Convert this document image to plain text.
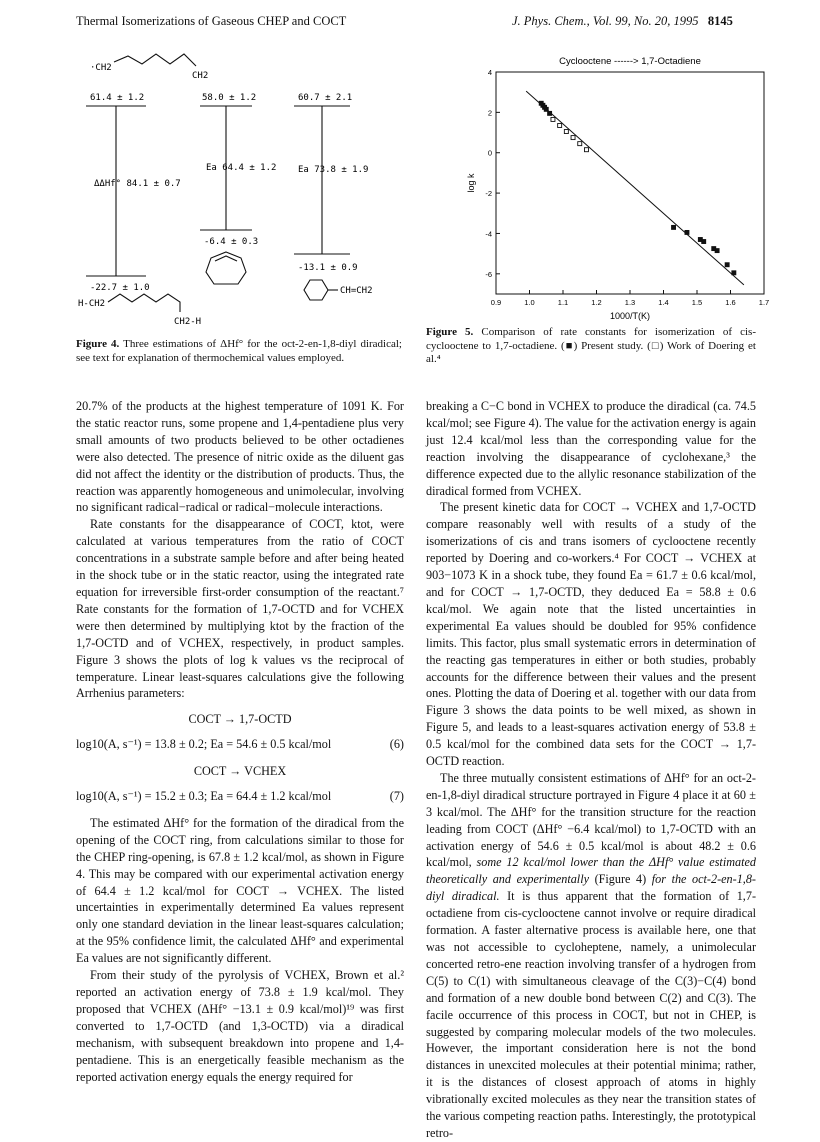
Thermal Isomerizations of Gaseous CHEP and COCT	J. Phys. Chem., Vol. 99, No. 20, 1995 8145
·CH2
CH2
61.4 ± 1.2	58.0 ± 1.2	60.7 ± 2.1
ΔΔHf° 84.1 ± 0.7
Ea 64.4 ± 1.2 Ea 73.8 ± 1.9
-6.4 ± 0.3
-13.1 ± 0.9
-22.7 ± 1.0	CH=CH2
H-CH2
CH2-H
Figure 4. Three estimations of ΔHf° for the oct-2-en-1,8-diyl diradical; see text for explanation of thermochemical values employed.
Cyclooctene ------> 1,7-Octadiene
0.9	1.0	1.1	1.2	1.3	1.4	1.5	1.6	1.7
4
2
0
-2
-4
-6
1000/T(K)
log k
Figure 5. Comparison of rate constants for isomerization of cis-cyclooctene to 1,7-octadiene. (■) Present study. (□) Work of Doering et al.⁴

20.7% of the products at the highest temperature of 1091 K. For the static reactor runs, some propene and 1,4-pentadiene plus very small amounts of two products believed to be other octadienes were also detected. The presence of nitric oxide as the diluent gas did not affect the identity or the distribution of products. Thus, the reaction was apparently homogeneous and unimolecular, involving no significant radical−radical or radical−molecule interactions.

Rate constants for the disappearance of COCT, ktot, were calculated at various temperatures from the ratio of COCT concentrations in a substrate sample before and after being heated in the shock tube or in the static reactor, using the integrated rate equation for irreversible first-order consumption of the reactant.⁷ Rate constants for the formation of 1,7-OCTD and for VCHEX were then determined by multiplying ktot by the fraction of the 1,7-OCTD and of VCHEX, respectively, in product samples. Figure 3 shows the plots of log k values vs the reciprocal of temperature. Linear least-squares calculations give the following Arrhenius parameters:

COCT → 1,7-OCTD
log10(A, s⁻¹) = 13.8 ± 0.2; Ea = 54.6 ± 0.5 kcal/mol	(6)
COCT → VCHEX
log10(A, s⁻¹) = 15.2 ± 0.3; Ea = 64.4 ± 1.2 kcal/mol	(7)

The estimated ΔHf° for the formation of the diradical from the opening of the COCT ring, from calculations similar to those for the CHEP ring-opening, is 67.8 ± 1.2 kcal/mol, as shown in Figure 4. This may be compared with our experimental activation energy of 64.4 ± 1.2 kcal/mol for COCT → VCHEX. The listed uncertainties in experimentally determined Ea values represent only one standard deviation in the linear least-squares calculation; at the 95% confidence limit, the calculated ΔHf° and experimental Ea values are not significantly different.

From their study of the pyrolysis of VCHEX, Brown et al.² reported an activation energy of 73.8 ± 1.9 kcal/mol. They proposed that VCHEX (ΔHf° −13.1 ± 0.9 kcal/mol)¹⁹ was first converted to 1,7-OCTD (and 1,3-OCTD) via a diradical mechanism, with subsequent breakdown into propene and 1,4-pentadiene. This is an energetically feasible mechanism as the reported activation energy equals the energy required for

breaking a C−C bond in VCHEX to produce the diradical (ca. 74.5 kcal/mol; see Figure 4). The value for the activation energy is again just 12.4 kcal/mol less than the corresponding value for the reaction involving the disappearance of cyclohexane,³ the difference expected due to the allylic resonance stabilization of the diradical formed from VCHEX.

The present kinetic data for COCT → VCHEX and 1,7-OCTD compare reasonably well with results of a study of the isomerizations of cis and trans isomers of cyclooctene recently reported by Doering and co-workers.⁴ For COCT → VCHEX at 903−1073 K in a shock tube, they found Ea = 61.7 ± 0.6 kcal/mol, and for COCT → 1,7-OCTD, they deduced Ea = 58.8 ± 0.6 kcal/mol. We again note that the listed uncertainties in experimental Ea values should be doubled for 95% confidence limits. This factor, plus small systematic errors in determination of the reacting gas temperatures in either or both studies, probably accounts for the difference between their values and the present ones. Plotting the data of Doering et al. together with our data from Figure 3 shows the data points to be well mixed, as shown in Figure 5, and leads to a least-squares activation energy of 53.8 ± 0.5 kcal/mol for the combined data sets for the COCT → 1,7-OCTD reaction.

The three mutually consistent estimations of ΔHf° for an oct-2-en-1,8-diyl diradical structure portrayed in Figure 4 place it at 60 ± 3 kcal/mol. The ΔHf° for the transition structure for the reaction leading from COCT (ΔHf° −6.4 kcal/mol) to 1,7-OCTD with an activation energy of 54.6 ± 0.5 kcal/mol is about 48.2 ± 0.6 kcal/mol, some 12 kcal/mol lower than the ΔHf° value estimated theoretically and experimentally (Figure 4) for the oct-2-en-1,8-diyl diradical. It is thus apparent that the formation of 1,7-octadiene from cis-cyclooctene cannot involve or require diradical formation. A faster alternative process is available here, one that was not accessible to cycloheptene, namely, a unimolecular concerted retro-ene reaction involving transfer of a hydrogen from C(5) to C(1) with simultaneous cleavage of the C(3)−C(4) bond and formation of a new double bond between C(2) and C(3). The facile occurrence of this process in COCT, but not in CHEP, is suggested by comparing molecular models of the two molecules. However, the important consideration here is not the bond distances in unexcited molecules at their potential minima; rather, it is the distances of closest approach of atoms in highly vibrationally excited molecules as they near the transition states of the various competing reaction paths. Interestingly, the prototypical retro-
